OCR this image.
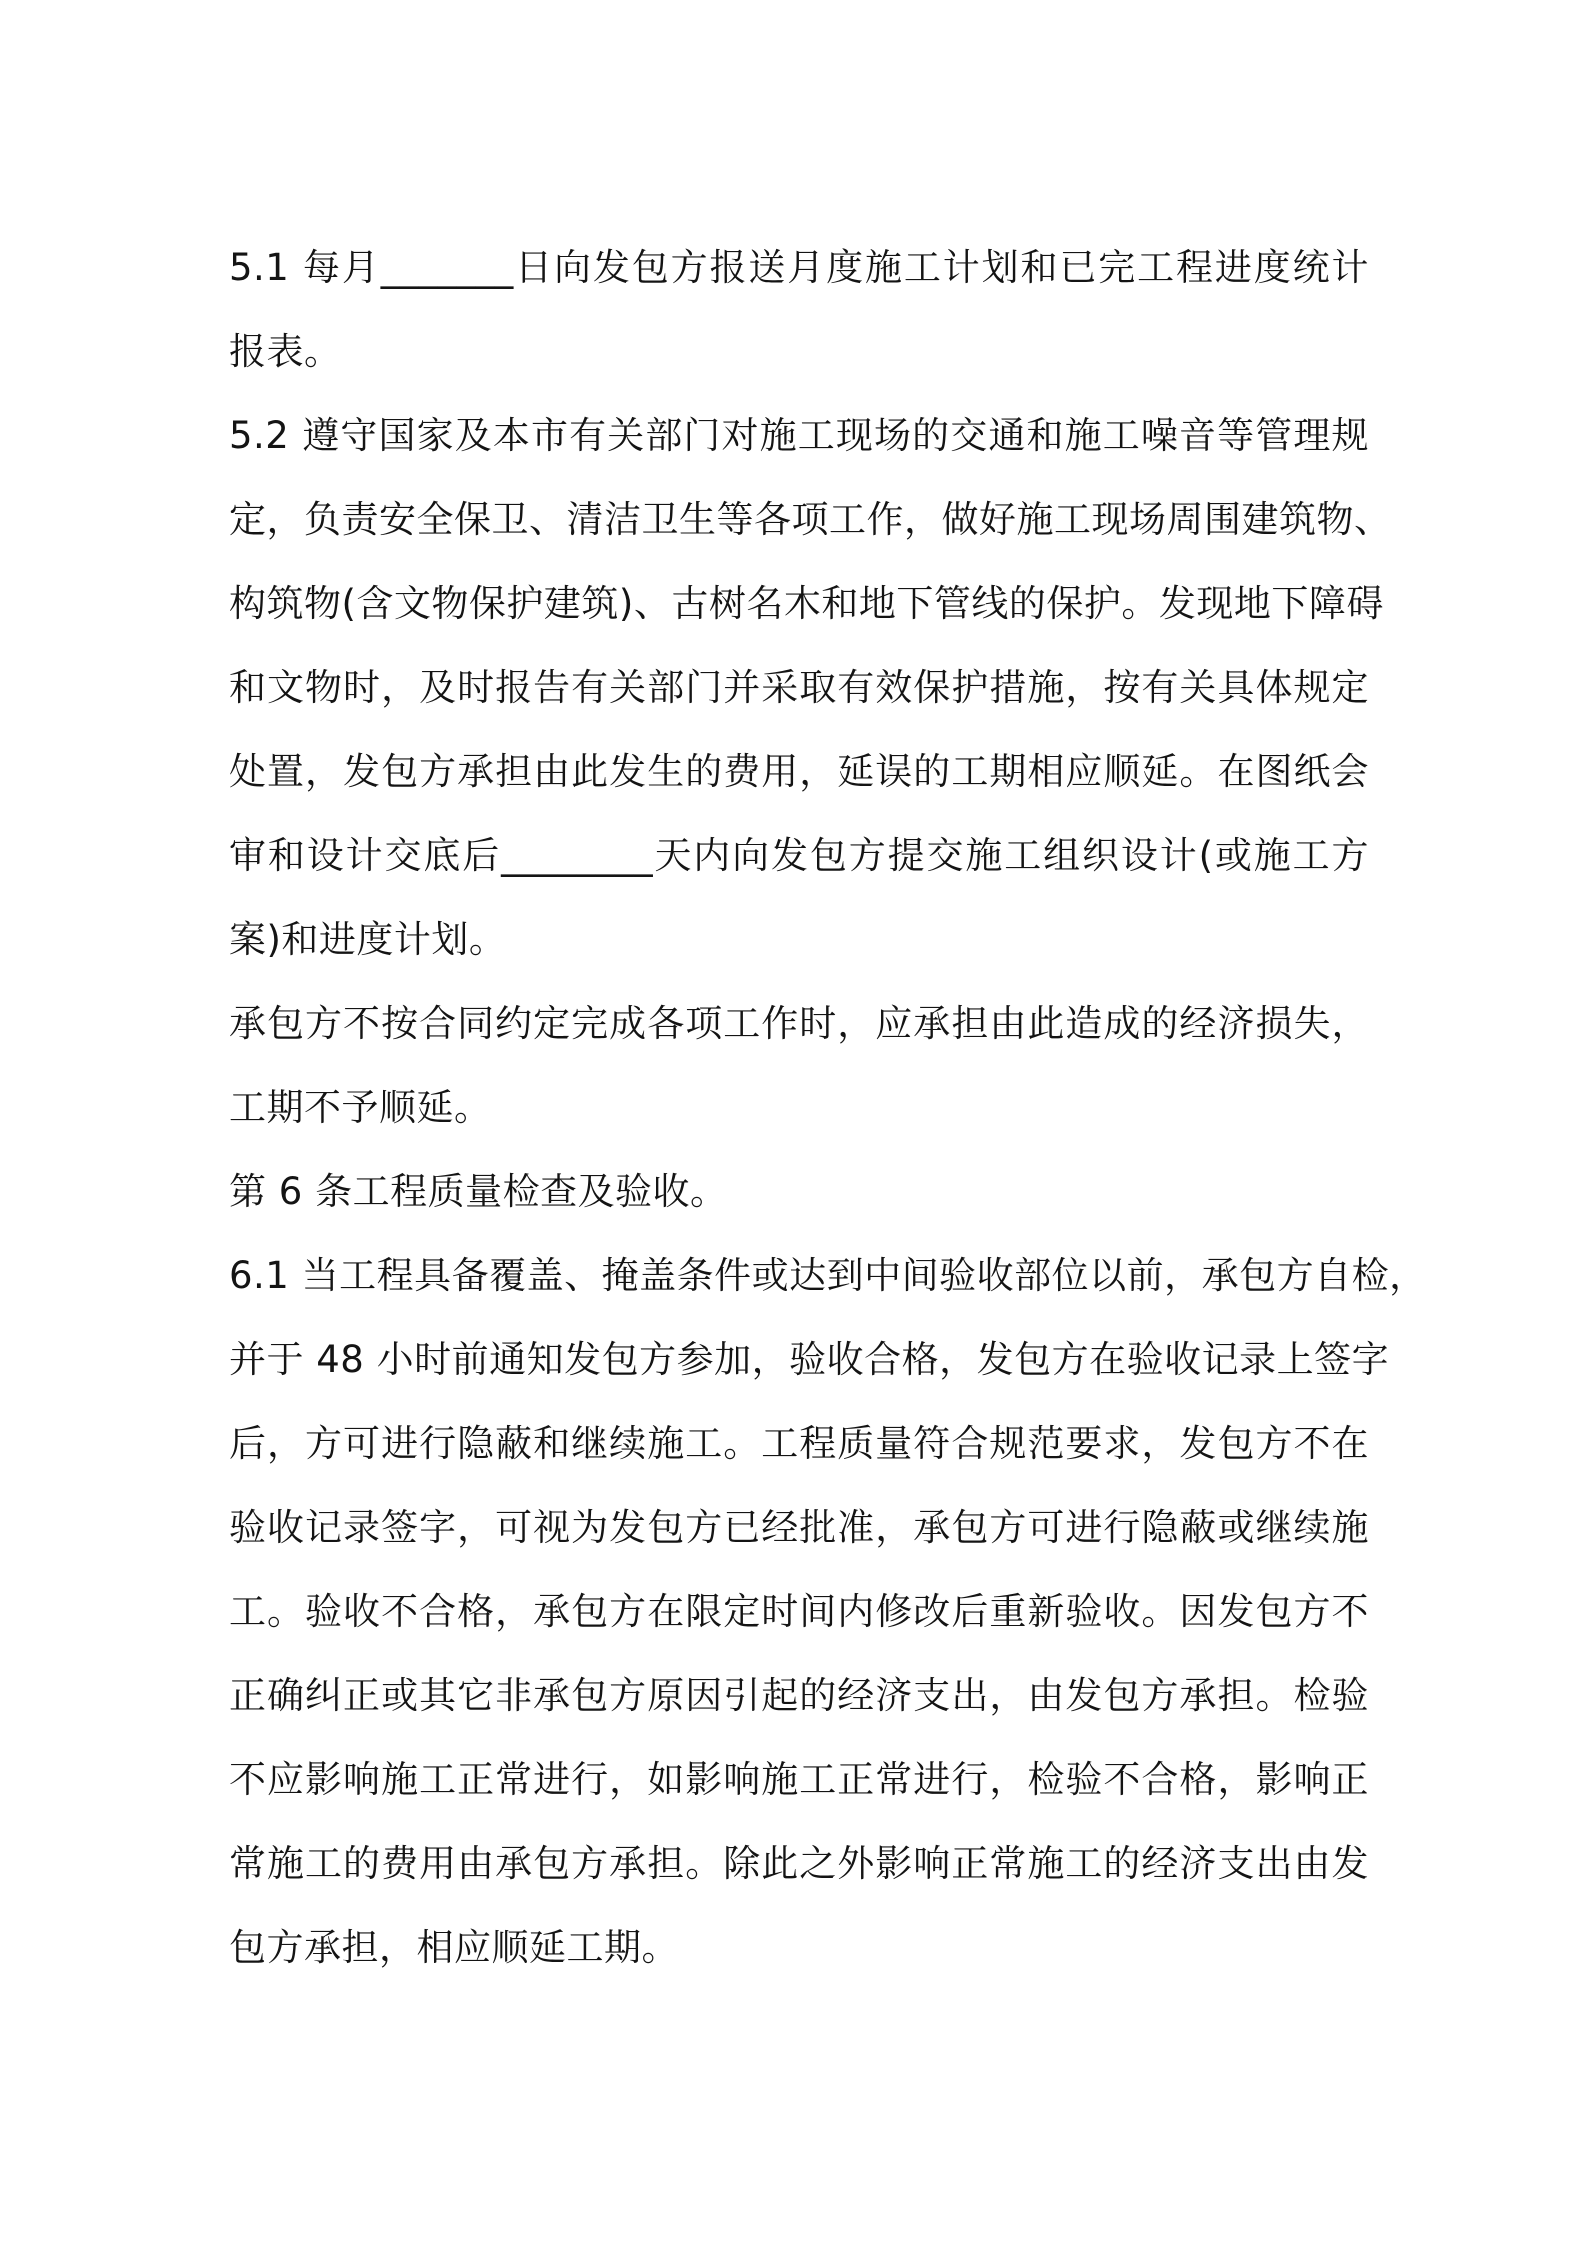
5.1 每月_______日向发包方报送月度施工计划和已完工程进度统计
报表。
5.2 遵守国家及本市有关部门对施工现场的交通和施工噪音等管理规
定，负责安全保卫、清洁卫生等各项工作，做好施工现场周围建筑物、
构筑物(含文物保护建筑)、古树名木和地下管线的保护。发现地下障碍
和文物时，及时报告有关部门并采取有效保护措施，按有关具体规定
处置，发包方承担由此发生的费用，延误的工期相应顺延。在图纸会
审和设计交底后________天内向发包方提交施工组织设计(或施工方
案)和进度计划。
承包方不按合同约定完成各项工作时，应承担由此造成的经济损失，
工期不予顺延。
第 6 条工程质量检查及验收。
6.1 当工程具备覆盖、掩盖条件或达到中间验收部位以前，承包方自检，
并于 48 小时前通知发包方参加，验收合格，发包方在验收记录上签字
后，方可进行隐蔽和继续施工。工程质量符合规范要求，发包方不在
验收记录签字，可视为发包方已经批准，承包方可进行隐蔽或继续施
工。验收不合格，承包方在限定时间内修改后重新验收。因发包方不
正确纠正或其它非承包方原因引起的经济支出，由发包方承担。检验
不应影响施工正常进行，如影响施工正常进行，检验不合格，影响正
常施工的费用由承包方承担。除此之外影响正常施工的经济支出由发
包方承担，相应顺延工期。
